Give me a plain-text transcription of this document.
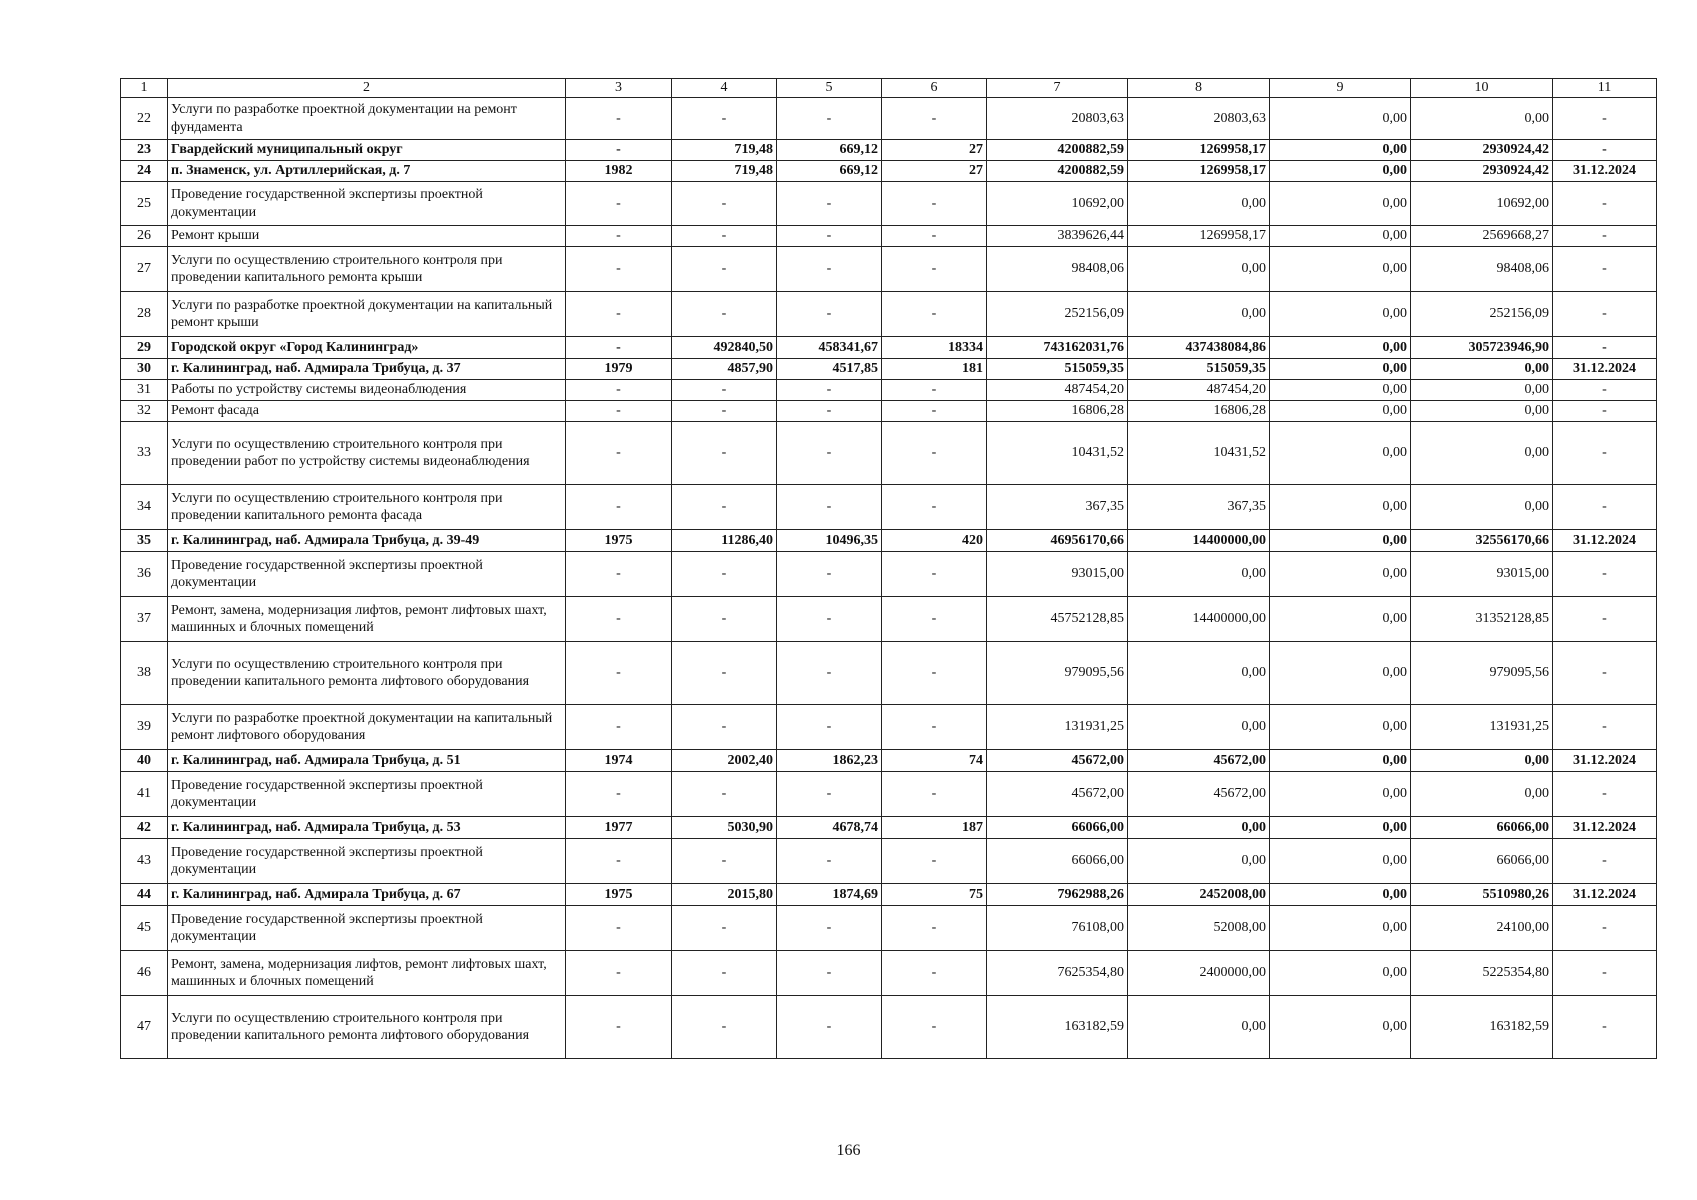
1	2	3	4	5	6	7	8	9	10	11
22	Услуги по разработке проектной документации на ремонт фундамента	-	-	-	-	20803,63	20803,63	0,00	0,00	-
23	Гвардейский муниципальный округ	-	719,48	669,12	27	4200882,59	1269958,17	0,00	2930924,42	-
24	п. Знаменск, ул. Артиллерийская, д. 7	1982	719,48	669,12	27	4200882,59	1269958,17	0,00	2930924,42	31.12.2024
25	Проведение государственной экспертизы проектной документации	-	-	-	-	10692,00	0,00	0,00	10692,00	-
26	Ремонт крыши	-	-	-	-	3839626,44	1269958,17	0,00	2569668,27	-
27	Услуги по осуществлению строительного контроля при проведении капитального ремонта крыши	-	-	-	-	98408,06	0,00	0,00	98408,06	-
28	Услуги по разработке проектной документации на капитальный ремонт крыши	-	-	-	-	252156,09	0,00	0,00	252156,09	-
29	Городской округ «Город Калининград»	-	492840,50	458341,67	18334	743162031,76	437438084,86	0,00	305723946,90	-
30	г. Калининград, наб. Адмирала Трибуца, д. 37	1979	4857,90	4517,85	181	515059,35	515059,35	0,00	0,00	31.12.2024
31	Работы по устройству системы видеонаблюдения	-	-	-	-	487454,20	487454,20	0,00	0,00	-
32	Ремонт фасада	-	-	-	-	16806,28	16806,28	0,00	0,00	-
33	Услуги по осуществлению строительного контроля при проведении работ по устройству системы видеонаблюдения	-	-	-	-	10431,52	10431,52	0,00	0,00	-
34	Услуги по осуществлению строительного контроля при проведении капитального ремонта фасада	-	-	-	-	367,35	367,35	0,00	0,00	-
35	г. Калининград, наб. Адмирала Трибуца, д. 39-49	1975	11286,40	10496,35	420	46956170,66	14400000,00	0,00	32556170,66	31.12.2024
36	Проведение государственной экспертизы проектной документации	-	-	-	-	93015,00	0,00	0,00	93015,00	-
37	Ремонт, замена, модернизация лифтов, ремонт лифтовых шахт, машинных и блочных помещений	-	-	-	-	45752128,85	14400000,00	0,00	31352128,85	-
38	Услуги по осуществлению строительного контроля при проведении капитального ремонта лифтового оборудования	-	-	-	-	979095,56	0,00	0,00	979095,56	-
39	Услуги по разработке проектной документации на капитальный ремонт лифтового оборудования	-	-	-	-	131931,25	0,00	0,00	131931,25	-
40	г. Калининград, наб. Адмирала Трибуца, д. 51	1974	2002,40	1862,23	74	45672,00	45672,00	0,00	0,00	31.12.2024
41	Проведение государственной экспертизы проектной документации	-	-	-	-	45672,00	45672,00	0,00	0,00	-
42	г. Калининград, наб. Адмирала Трибуца, д. 53	1977	5030,90	4678,74	187	66066,00	0,00	0,00	66066,00	31.12.2024
43	Проведение государственной экспертизы проектной документации	-	-	-	-	66066,00	0,00	0,00	66066,00	-
44	г. Калининград, наб. Адмирала Трибуца, д. 67	1975	2015,80	1874,69	75	7962988,26	2452008,00	0,00	5510980,26	31.12.2024
45	Проведение государственной экспертизы проектной документации	-	-	-	-	76108,00	52008,00	0,00	24100,00	-
46	Ремонт, замена, модернизация лифтов, ремонт лифтовых шахт, машинных и блочных помещений	-	-	-	-	7625354,80	2400000,00	0,00	5225354,80	-
47	Услуги по осуществлению строительного контроля при проведении капитального ремонта лифтового оборудования	-	-	-	-	163182,59	0,00	0,00	163182,59	-
166
